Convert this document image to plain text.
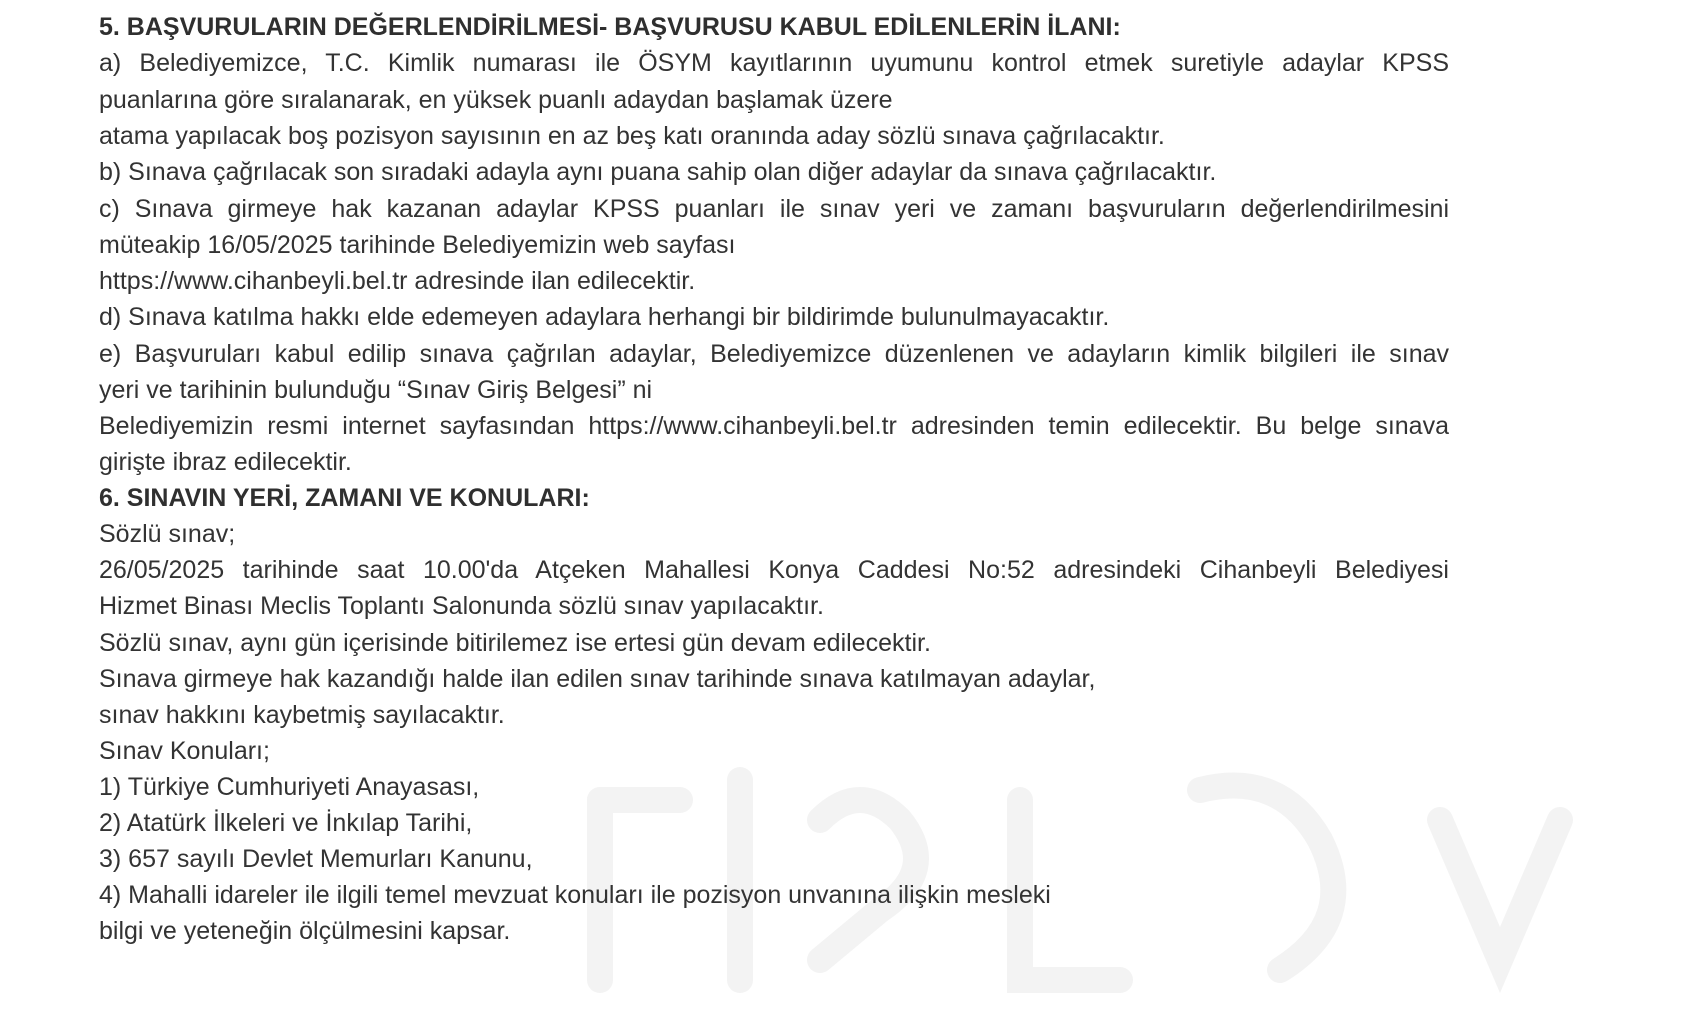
5. BAŞVURULARIN DEĞERLENDİRİLMESİ- BAŞVURUSU KABUL EDİLENLERİN İLANI:
a) Belediyemizce, T.C. Kimlik numarası ile ÖSYM kayıtlarının uyumunu kontrol etmek suretiyle adaylar KPSS
puanlarına göre sıralanarak, en yüksek puanlı adaydan başlamak üzere
atama yapılacak boş pozisyon sayısının en az beş katı oranında aday sözlü sınava çağrılacaktır.
b) Sınava çağrılacak son sıradaki adayla aynı puana sahip olan diğer adaylar da sınava çağrılacaktır.
c) Sınava girmeye hak kazanan adaylar KPSS puanları ile sınav yeri ve zamanı başvuruların değerlendirilmesini
müteakip 16/05/2025 tarihinde Belediyemizin web sayfası
https://www.cihanbeyli.bel.tr adresinde ilan edilecektir.
d) Sınava katılma hakkı elde edemeyen adaylara herhangi bir bildirimde bulunulmayacaktır.
e) Başvuruları kabul edilip sınava çağrılan adaylar, Belediyemizce düzenlenen ve adayların kimlik bilgileri ile sınav
yeri ve tarihinin bulunduğu “Sınav Giriş Belgesi” ni
Belediyemizin resmi internet sayfasından https://www.cihanbeyli.bel.tr adresinden temin edilecektir. Bu belge sınava
girişte ibraz edilecektir.
6. SINAVIN YERİ, ZAMANI VE KONULARI:
Sözlü sınav;
26/05/2025 tarihinde saat 10.00'da Atçeken Mahallesi Konya Caddesi No:52 adresindeki Cihanbeyli Belediyesi
Hizmet Binası Meclis Toplantı Salonunda sözlü sınav yapılacaktır.
Sözlü sınav, aynı gün içerisinde bitirilemez ise ertesi gün devam edilecektir.
Sınava girmeye hak kazandığı halde ilan edilen sınav tarihinde sınava katılmayan adaylar,
sınav hakkını kaybetmiş sayılacaktır.
Sınav Konuları;
1) Türkiye Cumhuriyeti Anayasası,
2) Atatürk İlkeleri ve İnkılap Tarihi,
3) 657 sayılı Devlet Memurları Kanunu,
4) Mahalli idareler ile ilgili temel mevzuat konuları ile pozisyon unvanına ilişkin mesleki
bilgi ve yeteneğin ölçülmesini kapsar.
